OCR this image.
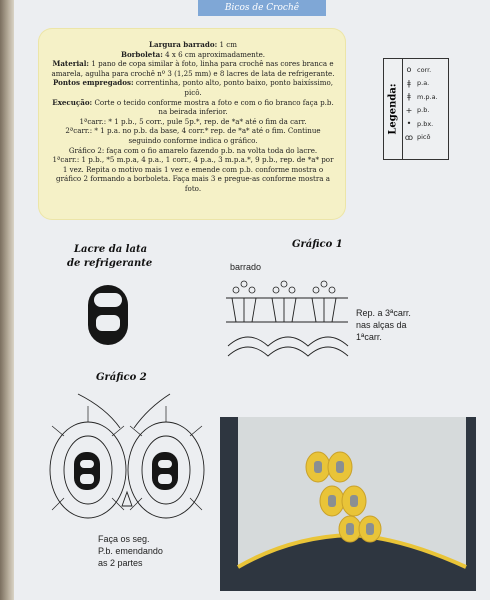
Bicos de Crochê

Largura barrado: 1 cm

Borboleta: 4 x 6 cm aproximadamente.

Material: 1 pano de copa similar à foto, linha para crochê nas cores branca e amarela, agulha para crochê nº 3 (1,25 mm) e 8 lacres de lata de refrigerante.

Pontos empregados: correntinha, ponto alto, ponto baixo, ponto baixíssimo, picô.

Execução: Corte o tecido conforme mostra a foto e com o fio branco faça p.b. na beirada inferior.

1ªcarr.: * 1 p.b., 5 corr., pule 5p.*, rep. de *a* até o fim da carr.

2ªcarr.: * 1 p.a. no p.b. da base, 4 corr.* rep. de *a* até o fim. Continue seguindo conforme indica o gráfico.

Gráfico 2: faça com o fio amarelo fazendo p.b. na volta toda do lacre.

1ªcarr.: 1 p.b., *5 m.p.a, 4 p.a., 1 corr., 4 p.a., 3 m.p.a.*, 9 p.b., rep. de *a* por 1 vez. Repita o motivo mais 1 vez e emende com p.b. conforme mostra o gráfico 2 formando a borboleta. Faça mais 3 e pregue-as conforme mostra a foto.

Legenda:
o corr.
ǂ p.a.
ǂ m.p.a.
+ p.b.
• p.bx.
ꝏ picô
Lacre da lata
de refrigerante
Gráfico 1
barrado
Rep. a 3ªcarr.
nas alças da
1ªcarr.
Gráfico 2
Faça os seg.
P.b. emendando
as 2 partes
